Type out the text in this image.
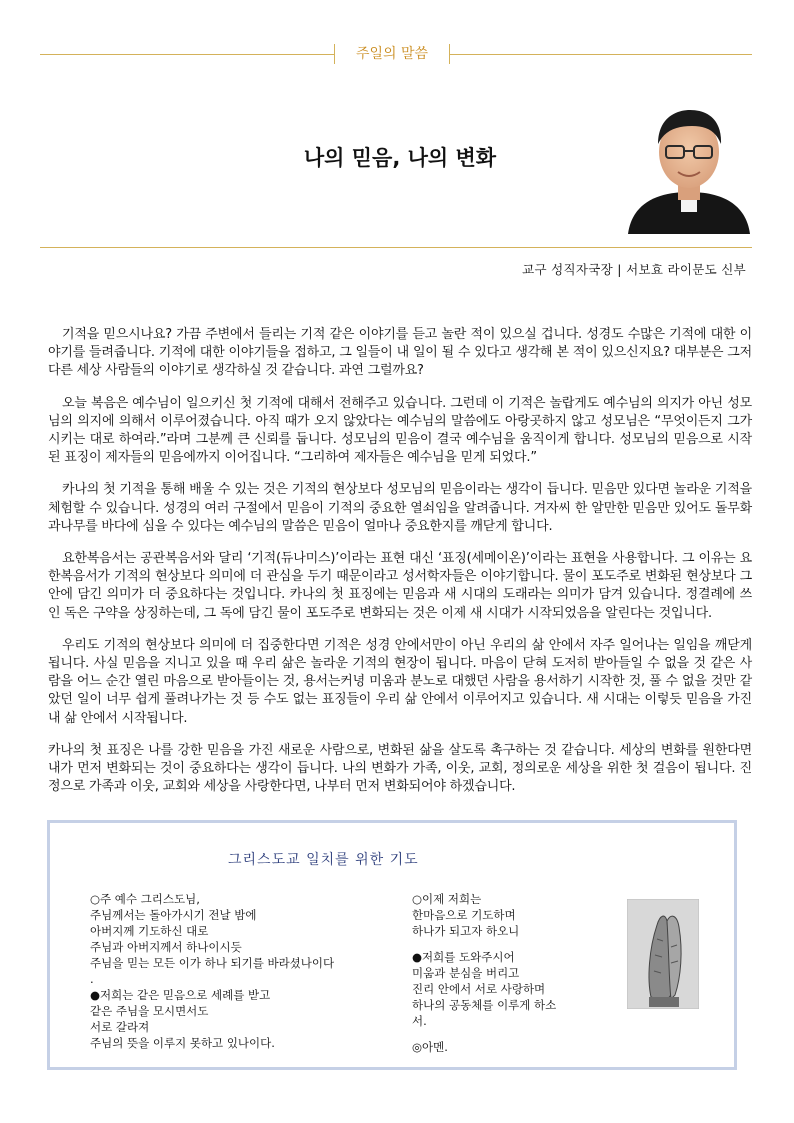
주일의 말씀
나의 믿음, 나의 변화
교구 성직자국장 | 서보효 라이문도 신부

기적을 믿으시나요? 가끔 주변에서 들리는 기적 같은 이야기를 듣고 놀란 적이 있으실 겁니다. 성경도 수많은 기적에 대한 이야기를 들려줍니다. 기적에 대한 이야기들을 접하고, 그 일들이 내 일이 될 수 있다고 생각해 본 적이 있으신지요? 대부분은 그저 다른 세상 사람들의 이야기로 생각하실 것 같습니다. 과연 그럴까요?

오늘 복음은 예수님이 일으키신 첫 기적에 대해서 전해주고 있습니다. 그런데 이 기적은 놀랍게도 예수님의 의지가 아닌 성모님의 의지에 의해서 이루어졌습니다. 아직 때가 오지 않았다는 예수님의 말씀에도 아랑곳하지 않고 성모님은 “무엇이든지 그가 시키는 대로 하여라.”라며 그분께 큰 신뢰를 둡니다. 성모님의 믿음이 결국 예수님을 움직이게 합니다. 성모님의 믿음으로 시작된 표징이 제자들의 믿음에까지 이어집니다. “그리하여 제자들은 예수님을 믿게 되었다.”

카나의 첫 기적을 통해 배울 수 있는 것은 기적의 현상보다 성모님의 믿음이라는 생각이 듭니다. 믿음만 있다면 놀라운 기적을 체험할 수 있습니다. 성경의 여러 구절에서 믿음이 기적의 중요한 열쇠임을 알려줍니다. 겨자씨 한 알만한 믿음만 있어도 돌무화과나무를 바다에 심을 수 있다는 예수님의 말씀은 믿음이 얼마나 중요한지를 깨닫게 합니다.

요한복음서는 공관복음서와 달리 ‘기적(듀나미스)’이라는 표현 대신 ‘표징(세메이온)’이라는 표현을 사용합니다. 그 이유는 요한복음서가 기적의 현상보다 의미에 더 관심을 두기 때문이라고 성서학자들은 이야기합니다. 물이 포도주로 변화된 현상보다 그 안에 담긴 의미가 더 중요하다는 것입니다. 카나의 첫 표징에는 믿음과 새 시대의 도래라는 의미가 담겨 있습니다. 정결례에 쓰인 독은 구약을 상징하는데, 그 독에 담긴 물이 포도주로 변화되는 것은 이제 새 시대가 시작되었음을 알린다는 것입니다.

우리도 기적의 현상보다 의미에 더 집중한다면 기적은 성경 안에서만이 아닌 우리의 삶 안에서 자주 일어나는 일임을 깨닫게 됩니다. 사실 믿음을 지니고 있을 때 우리 삶은 놀라운 기적의 현장이 됩니다. 마음이 닫혀 도저히 받아들일 수 없을 것 같은 사람을 어느 순간 열린 마음으로 받아들이는 것, 용서는커녕 미움과 분노로 대했던 사람을 용서하기 시작한 것, 풀 수 없을 것만 같았던 일이 너무 쉽게 풀려나가는 것 등 수도 없는 표징들이 우리 삶 안에서 이루어지고 있습니다. 새 시대는 이렇듯 믿음을 가진 내 삶 안에서 시작됩니다.

카나의 첫 표징은 나를 강한 믿음을 가진 새로운 사람으로, 변화된 삶을 살도록 촉구하는 것 같습니다. 세상의 변화를 원한다면 내가 먼저 변화되는 것이 중요하다는 생각이 듭니다. 나의 변화가 가족, 이웃, 교회, 정의로운 세상을 위한 첫 걸음이 됩니다. 진정으로 가족과 이웃, 교회와 세상을 사랑한다면, 나부터 먼저 변화되어야 하겠습니다.

그리스도교 일치를 위한 기도
○주 예수 그리스도님,
주님께서는 돌아가시기 전날 밤에
아버지께 기도하신 대로
주님과 아버지께서 하나이시듯
주님을 믿는 모든 이가 하나 되기를 바라셨나이다
.
●저희는 같은 믿음으로 세례를 받고
같은 주님을 모시면서도
서로 갈라져
주님의 뜻을 이루지 못하고 있나이다.
○이제 저희는
한마음으로 기도하며
하나가 되고자 하오니
●저희를 도와주시어
미움과 분심을 버리고
진리 안에서 서로 사랑하며
하나의 공동체를 이루게 하소
서.
◎아멘.
